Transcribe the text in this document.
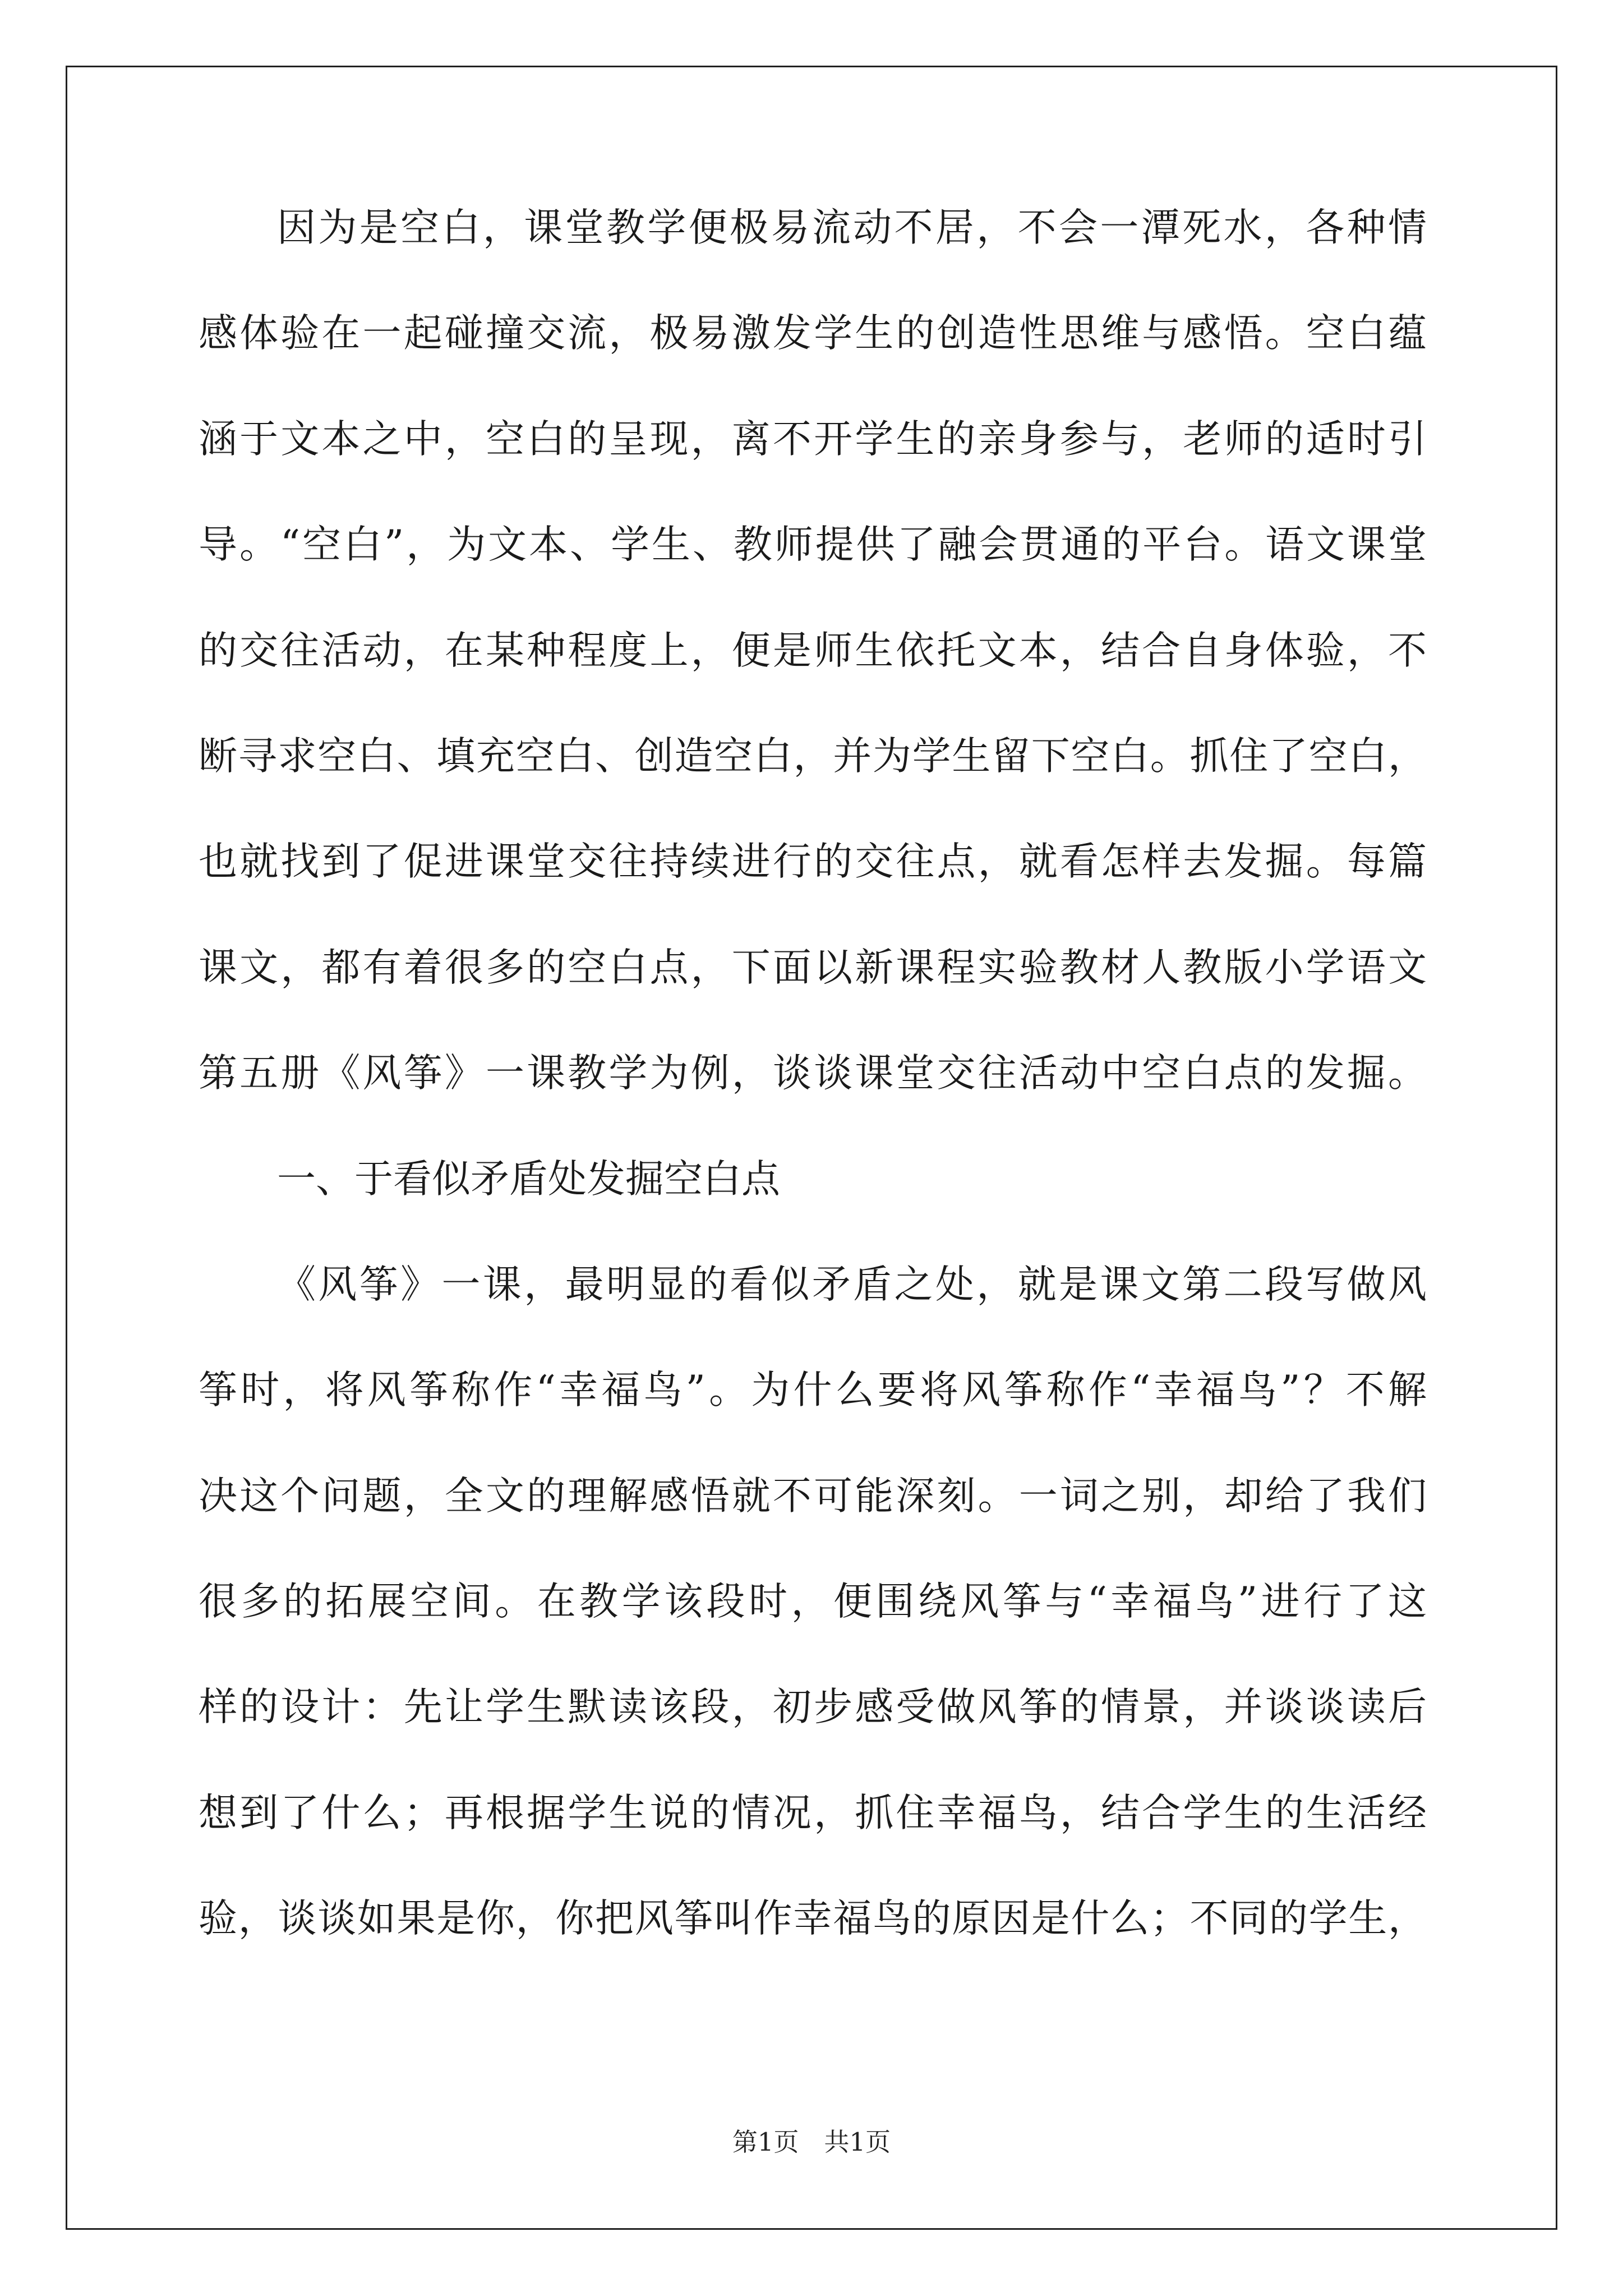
因为是空白，课堂教学便极易流动不居，不会一潭死水，各种情
感体验在一起碰撞交流，极易激发学生的创造性思维与感悟。空白蕴
涵于文本之中，空白的呈现，离不开学生的亲身参与，老师的适时引
导。“空白”，为文本、学生、教师提供了融会贯通的平台。语文课堂
的交往活动，在某种程度上，便是师生依托文本，结合自身体验，不
断寻求空白、填充空白、创造空白，并为学生留下空白。抓住了空白，
也就找到了促进课堂交往持续进行的交往点，就看怎样去发掘。每篇
课文，都有着很多的空白点，下面以新课程实验教材人教版小学语文
第五册《风筝》一课教学为例，谈谈课堂交往活动中空白点的发掘。
一、于看似矛盾处发掘空白点
《风筝》一课，最明显的看似矛盾之处，就是课文第二段写做风
筝时，将风筝称作“幸福鸟”。为什么要将风筝称作“幸福鸟”？不解
决这个问题，全文的理解感悟就不可能深刻。一词之别，却给了我们
很多的拓展空间。在教学该段时，便围绕风筝与“幸福鸟”进行了这
样的设计：先让学生默读该段，初步感受做风筝的情景，并谈谈读后
想到了什么；再根据学生说的情况，抓住幸福鸟，结合学生的生活经
验，谈谈如果是你，你把风筝叫作幸福鸟的原因是什么；不同的学生，
第1页　共1页
